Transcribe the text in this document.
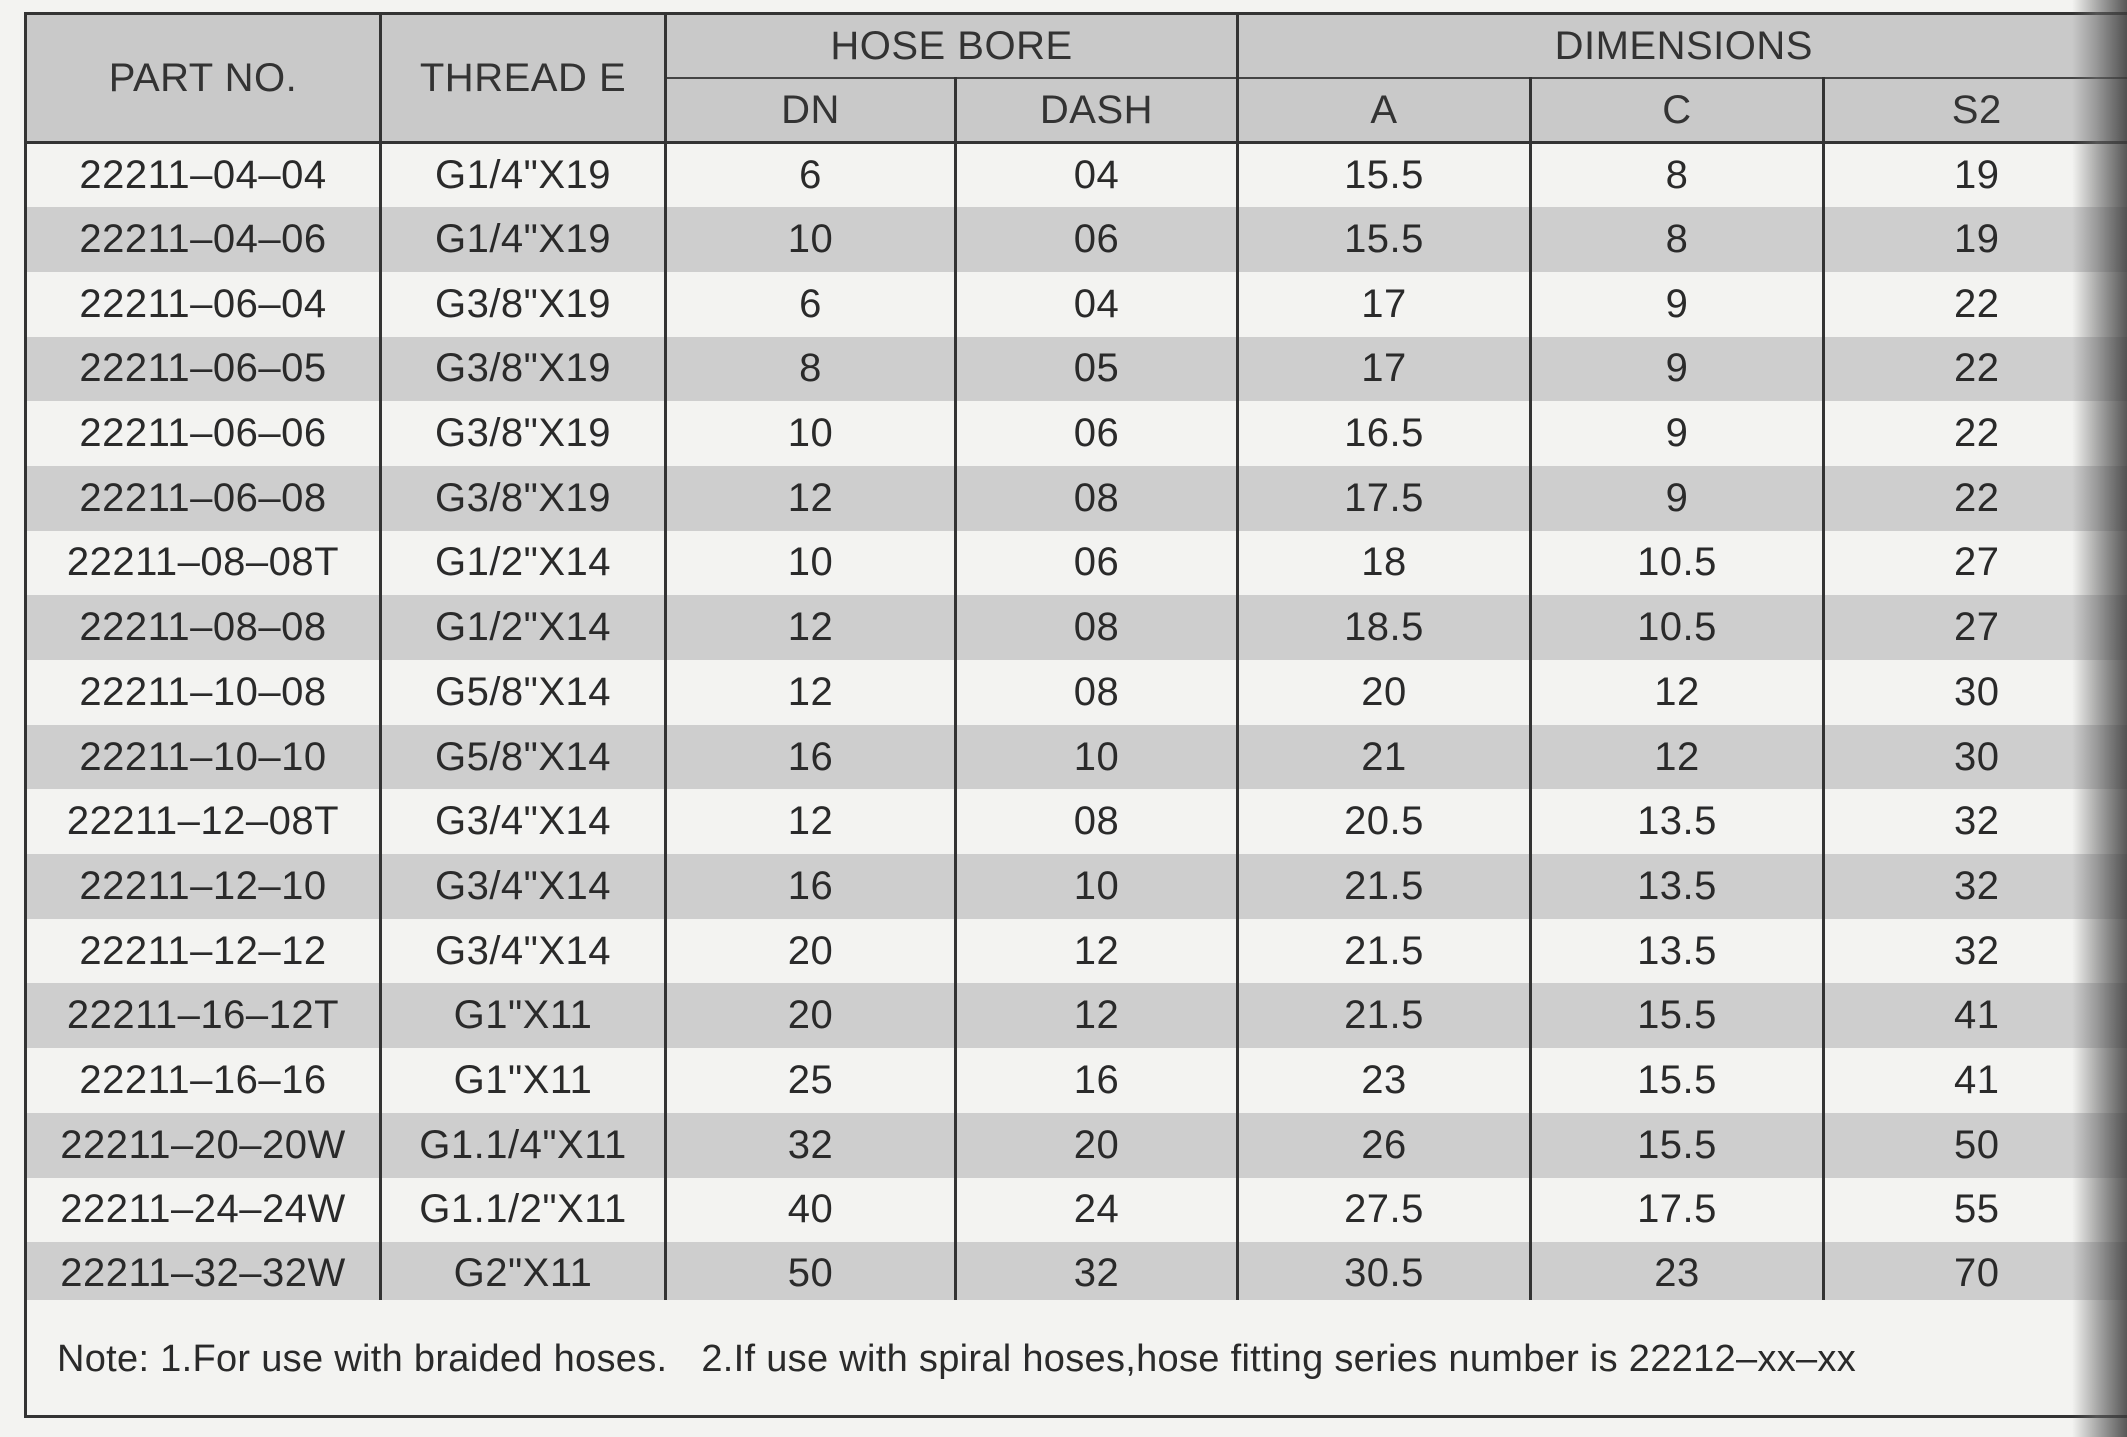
PART NO.	THREAD E	HOSE BORE		DIMENSIONS		
		DN	DASH	A	C	S2
22211–04–04	G1/4"X19	6	04	15.5	8	19
22211–04–06	G1/4"X19	10	06	15.5	8	19
22211–06–04	G3/8"X19	6	04	17	9	22
22211–06–05	G3/8"X19	8	05	17	9	22
22211–06–06	G3/8"X19	10	06	16.5	9	22
22211–06–08	G3/8"X19	12	08	17.5	9	22
22211–08–08T	G1/2"X14	10	06	18	10.5	27
22211–08–08	G1/2"X14	12	08	18.5	10.5	27
22211–10–08	G5/8"X14	12	08	20	12	30
22211–10–10	G5/8"X14	16	10	21	12	30
22211–12–08T	G3/4"X14	12	08	20.5	13.5	32
22211–12–10	G3/4"X14	16	10	21.5	13.5	32
22211–12–12	G3/4"X14	20	12	21.5	13.5	32
22211–16–12T	G1"X11	20	12	21.5	15.5	41
22211–16–16	G1"X11	25	16	23	15.5	41
22211–20–20W	G1.1/4"X11	32	20	26	15.5	50
22211–24–24W	G1.1/2"X11	40	24	27.5	17.5	55
22211–32–32W	G2"X11	50	32	30.5	23	70
Note: 1.For use with braided hoses. 2.If use with spiral hoses,hose fitting series number is 22212–xx–xx
